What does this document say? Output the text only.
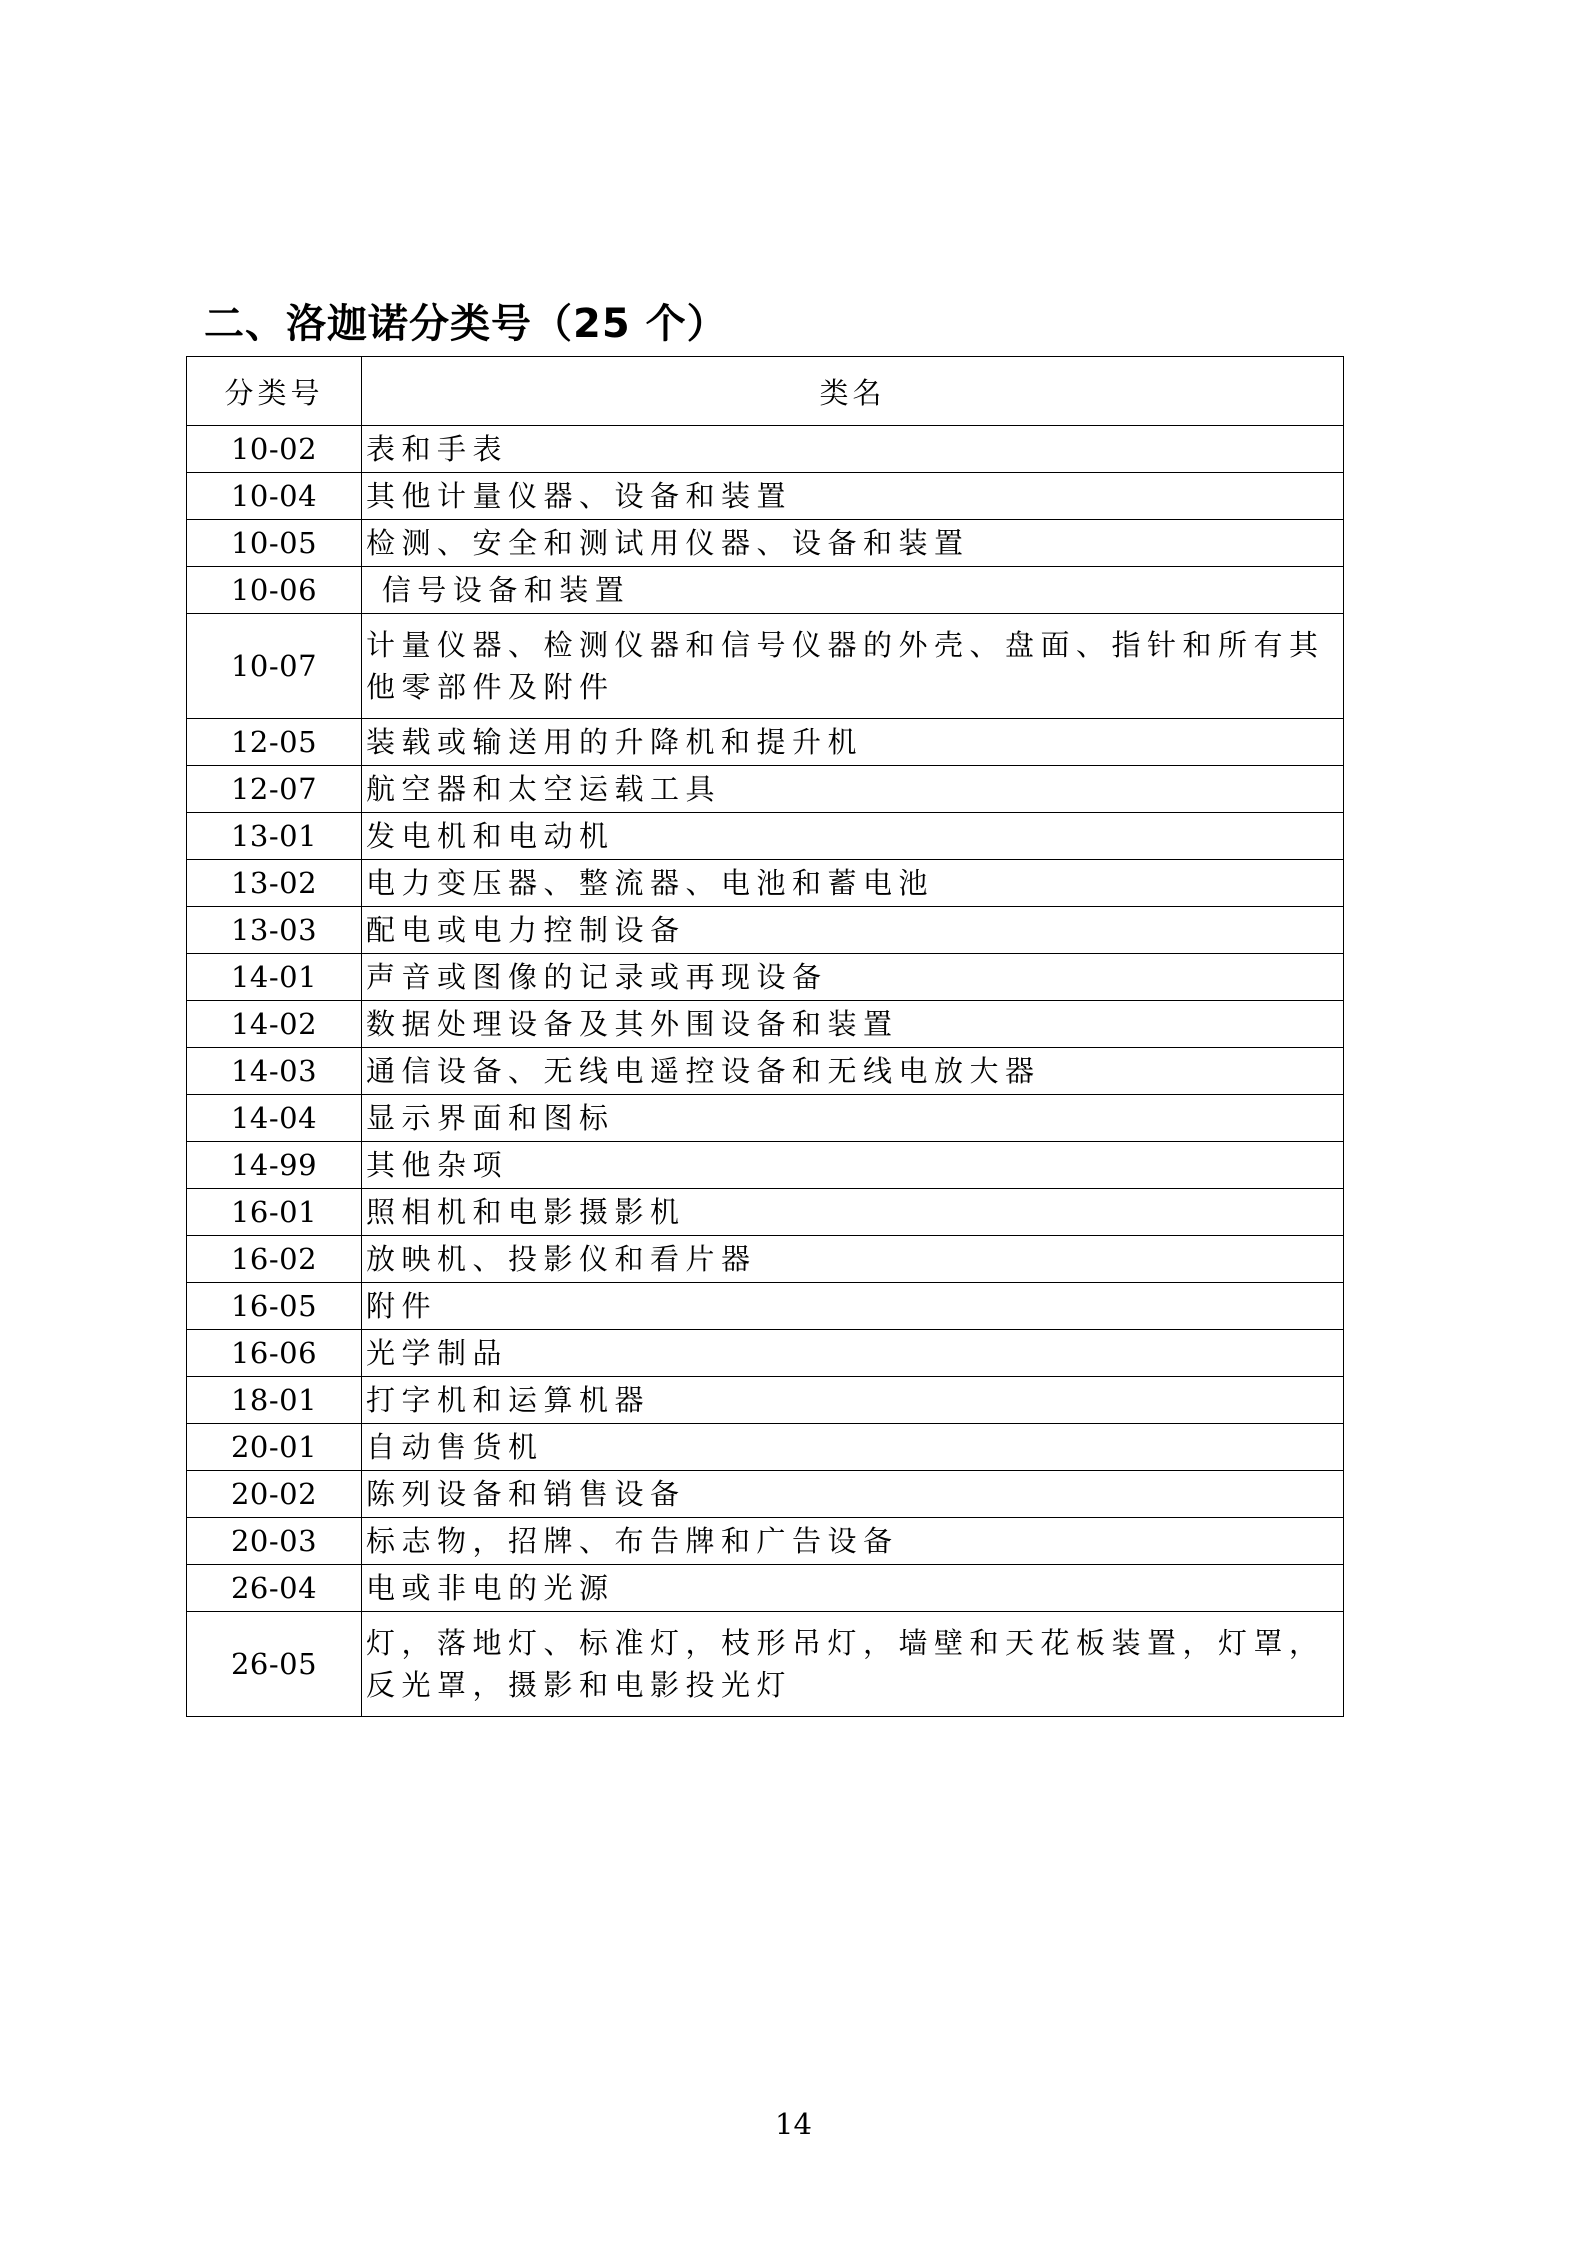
二、洛迦诺分类号（25 个）
分类号	类名
10-02	表和手表
10-04	其他计量仪器、设备和装置
10-05	检测、安全和测试用仪器、设备和装置
10-06	信号设备和装置
10-07	计量仪器、检测仪器和信号仪器的外壳、盘面、指针和所有其他零部件及附件
12-05	装载或输送用的升降机和提升机
12-07	航空器和太空运载工具
13-01	发电机和电动机
13-02	电力变压器、整流器、电池和蓄电池
13-03	配电或电力控制设备
14-01	声音或图像的记录或再现设备
14-02	数据处理设备及其外围设备和装置
14-03	通信设备、无线电遥控设备和无线电放大器
14-04	显示界面和图标
14-99	其他杂项
16-01	照相机和电影摄影机
16-02	放映机、投影仪和看片器
16-05	附件
16-06	光学制品
18-01	打字机和运算机器
20-01	自动售货机
20-02	陈列设备和销售设备
20-03	标志物，招牌、布告牌和广告设备
26-04	电或非电的光源
26-05	灯，落地灯、标准灯，枝形吊灯，墙壁和天花板装置，灯罩，反光罩，摄影和电影投光灯
14
